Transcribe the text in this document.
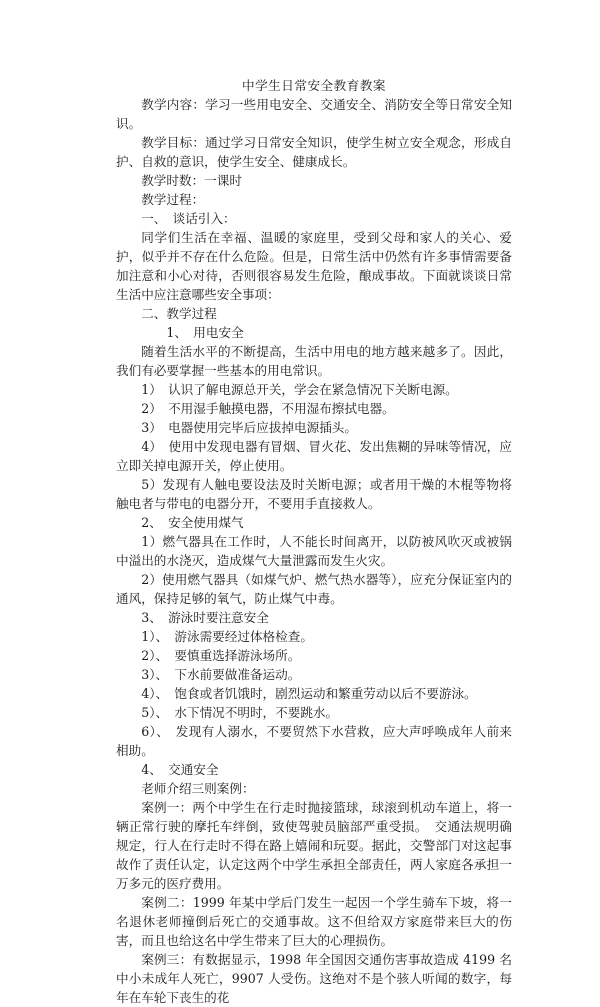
中学生日常安全教育教案
教学内容：学习一些用电安全、交通安全、消防安全等日常安全知识。
教学目标：通过学习日常安全知识，使学生树立安全观念，形成自护、自救的意识，使学生安全、健康成长。
教学时数：一课时
教学过程：
一、　谈话引入：
同学们生活在幸福、温暖的家庭里，受到父母和家人的关心、爱护，似乎并不存在什么危险。但是，日常生活中仍然有许多事情需要备加注意和小心对待，否则很容易发生危险，酿成事故。下面就谈谈日常生活中应注意哪些安全事项：
二、教学过程
1、　用电安全
随着生活水平的不断提高，生活中用电的地方越来越多了。因此，我们有必要掌握一些基本的用电常识。
1）　认识了解电源总开关，学会在紧急情况下关断电源。
2）　不用湿手触摸电器，不用湿布擦拭电器。
3）　电器使用完毕后应拔掉电源插头。
4）　使用中发现电器有冒烟、冒火花、发出焦糊的异味等情况，应立即关掉电源开关，停止使用。
5）发现有人触电要设法及时关断电源；或者用干燥的木棍等物将触电者与带电的电器分开，不要用手直接救人。
2、　安全使用煤气
1）燃气器具在工作时，人不能长时间离开，以防被风吹灭或被锅中溢出的水浇灭，造成煤气大量泄露而发生火灾。
2）使用燃气器具（如煤气炉、燃气热水器等），应充分保证室内的通风，保持足够的氧气，防止煤气中毒。
3、　游泳时要注意安全
1）、　游泳需要经过体格检查。
2）、　要慎重选择游泳场所。
3）、　下水前要做准备运动。
4）、　饱食或者饥饿时，剧烈运动和繁重劳动以后不要游泳。
5）、　水下情况不明时，不要跳水。
6）、　发现有人溺水，不要贸然下水营救，应大声呼唤成年人前来相助。
4、　交通安全
老师介绍三则案例：
案例一：两个中学生在行走时抛接篮球，球滚到机动车道上，将一辆正常行驶的摩托车绊倒，致使驾驶员脑部严重受损。　交通法规明确规定，行人在行走时不得在路上嬉闹和玩耍。据此，交警部门对这起事故作了责任认定，认定这两个中学生承担全部责任，两人家庭各承担一万多元的医疗费用。
案例二：1999 年某中学后门发生一起因一个学生骑车下坡，将一名退休老师撞倒后死亡的交通事故。这不但给双方家庭带来巨大的伤害，而且也给这名中学生带来了巨大的心理损伤。
案例三：有数据显示，1998 年全国因交通伤害事故造成 4199 名中小未成年人死亡，9907 人受伤。这绝对不是个骇人听闻的数字，每年在车轮下丧生的花
